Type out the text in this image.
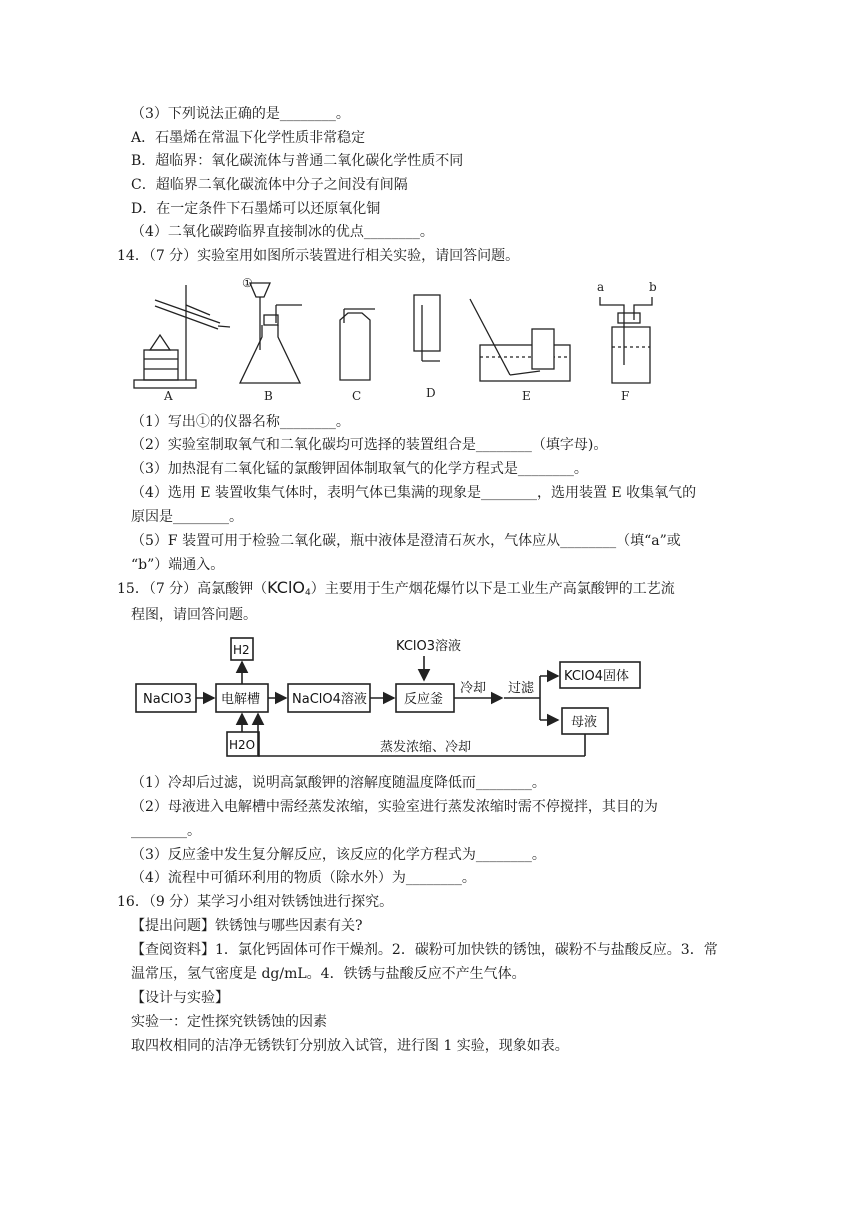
（3）下列说法正确的是________。
A．石墨烯在常温下化学性质非常稳定
B．超临界：氧化碳流体与普通二氧化碳化学性质不同
C．超临界二氧化碳流体中分子之间没有间隔
D．在一定条件下石墨烯可以还原氧化铜
（4）二氧化碳跨临界直接制冰的优点________。
14．（7 分）实验室用如图所示装置进行相关实验，请回答问题。
①	a	b
A	B	C	D	E	F
（1）写出①的仪器名称________。
（2）实验室制取氧气和二氧化碳均可选择的装置组合是________（填字母)。
（3）加热混有二氧化锰的氯酸钾固体制取氧气的化学方程式是________。
（4）选用 E 装置收集气体时，表明气体已集满的现象是________，选用装置 E 收集氧气的
原因是________。
（5）F 装置可用于检验二氧化碳，瓶中液体是澄清石灰水，气体应从________（填“a”或
“b”）端通入。
15．（7 分）高氯酸钾（KClO$_4$）主要用于生产烟花爆竹以下是工业生产高氯酸钾的工艺流
程图，请回答问题。
NaClO3 电解槽
H2
H2O
NaClO4溶液
KClO3溶液
反应釜
冷却 过滤
KClO4固体
母液
蒸发浓缩、冷却
（1）冷却后过滤，说明高氯酸钾的溶解度随温度降低而________。
（2）母液进入电解槽中需经蒸发浓缩，实验室进行蒸发浓缩时需不停搅拌，其目的为
________。
（3）反应釜中发生复分解反应，该反应的化学方程式为________。
（4）流程中可循环利用的物质（除水外）为________。
16．（9 分）某学习小组对铁锈蚀进行探究。
【提出问题】铁锈蚀与哪些因素有关?
【查阅资料】1．氯化钙固体可作干燥剂。2．碳粉可加快铁的锈蚀，碳粉不与盐酸反应。3．常
温常压，氢气密度是 dg/mL。4．铁锈与盐酸反应不产生气体。
【设计与实验】
实验一：定性探究铁锈蚀的因素
取四枚相同的洁净无锈铁钉分别放入试管，进行图 1 实验，现象如表。
